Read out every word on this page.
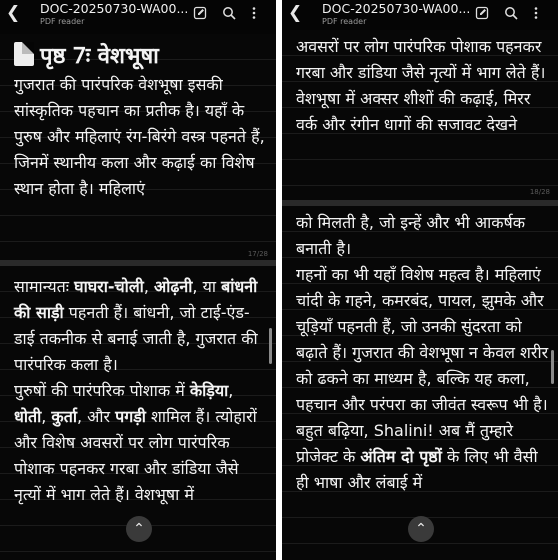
❮	DOC-20250730-WA00...
PDF reader

पृष्ठ 7ः वेशभूषा

गुजरात की पारंपरिक वेशभूषा इसकी सांस्कृतिक पहचान का प्रतीक है। यहाँ के पुरुष और महिलाएं रंग-बिरंगे वस्त्र पहनते हैं, जिनमें स्थानीय कला और कढ़ाई का विशेष स्थान होता है। महिलाएं

17/28

सामान्यतः घाघरा-चोली, ओढ़नी, या बांधनी की साड़ी पहनती हैं। बांधनी, जो टाई-एंड-डाई तकनीक से बनाई जाती है, गुजरात की पारंपरिक कला है।

पुरुषों की पारंपरिक पोशाक में केड़िया, धोती, कुर्ता, और पगड़ी शामिल हैं। त्योहारों और विशेष अवसरों पर लोग पारंपरिक पोशाक पहनकर गरबा और डांडिया जैसे नृत्यों में भाग लेते हैं। वेशभूषा में

⌃
❮	DOC-20250730-WA00...
PDF reader

अवसरों पर लोग पारंपरिक पोशाक पहनकर गरबा और डांडिया जैसे नृत्यों में भाग लेते हैं। वेशभूषा में अक्सर शीशों की कढ़ाई, मिरर वर्क और रंगीन धागों की सजावट देखने

18/28

को मिलती है, जो इन्हें और भी आकर्षक बनाती है।

गहनों का भी यहाँ विशेष महत्व है। महिलाएं चांदी के गहने, कमरबंद, पायल, झुमके और चूड़ियाँ पहनती हैं, जो उनकी सुंदरता को बढ़ाते हैं। गुजरात की वेशभूषा न केवल शरीर को ढकने का माध्यम है, बल्कि यह कला, पहचान और परंपरा का जीवंत स्वरूप भी है।

बहुत बढ़िया, Shalini! अब मैं तुम्हारे प्रोजेक्ट के अंतिम दो पृष्ठों के लिए भी वैसी ही भाषा और लंबाई में

⌃
